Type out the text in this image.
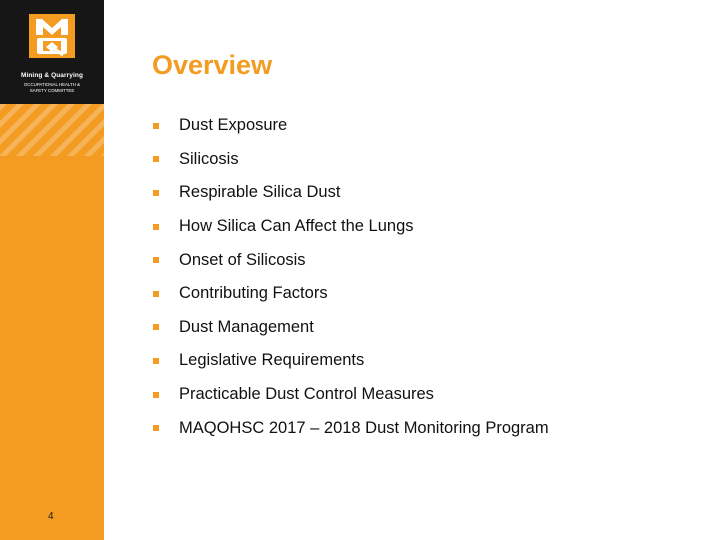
Mining & Quarrying
OCCUPATIONAL HEALTH &
SAFETY COMMITTEE
4
Overview
Dust Exposure
Silicosis
Respirable Silica Dust
How Silica Can Affect the Lungs
Onset of Silicosis
Contributing Factors
Dust Management
Legislative Requirements
Practicable Dust Control Measures
MAQOHSC 2017 – 2018 Dust Monitoring Program
